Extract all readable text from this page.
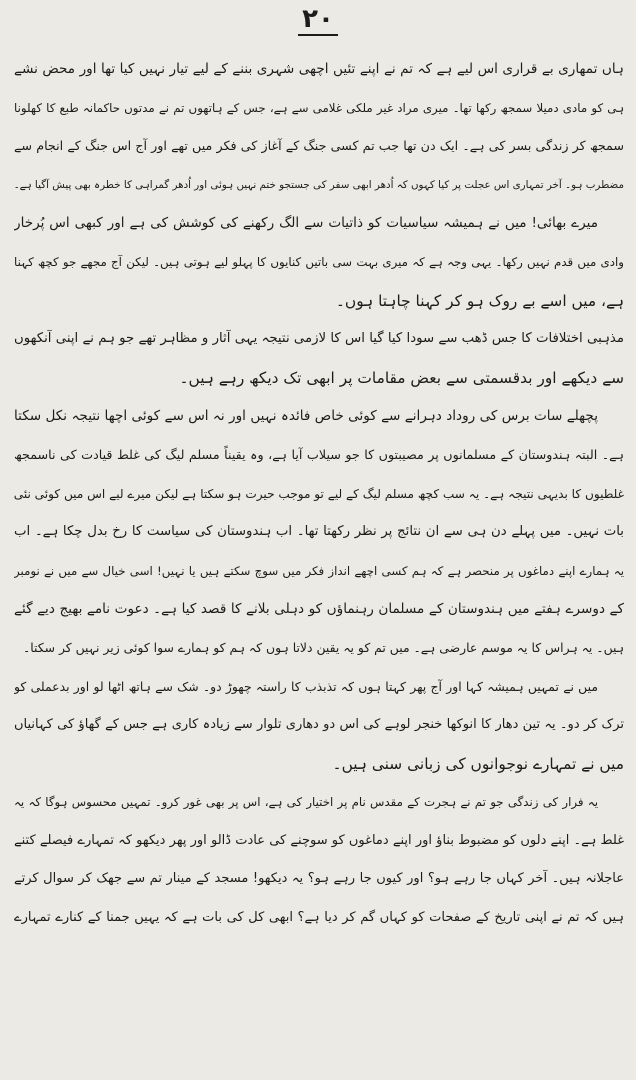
۲۰
ہاں تمھاری بے قراری اس لیے ہے کہ تم نے اپنے تئیں اچھی شہری بننے کے لیے تیار نہیں کیا تھا اور محض نشے
ہی کو مادی دمیلا سمجھ رکھا تھا۔ میری مراد غیر ملکی غلامی سے ہے، جس کے ہاتھوں تم نے مدتوں حاکمانہ طبع کا کھلونا
سمجھ کر زندگی بسر کی ہے۔ ایک دن تھا جب تم کسی جنگ کے آغاز کی فکر میں تھے اور آج اس جنگ کے انجام سے
مضطرب ہو۔ آخر تمہاری اس عجلت پر کیا کہوں کہ اُدھر ابھی سفر کی جستجو ختم نہیں ہوئی اور اُدھر گمراہی کا خطرہ بھی پیش آگیا ہے۔
میرے بھائی! میں نے ہمیشہ سیاسیات کو ذاتیات سے الگ رکھنے کی کوشش کی ہے اور کبھی اس پُرخار
وادی میں قدم نہیں رکھا۔ یہی وجہ ہے کہ میری بہت سی باتیں کنایوں کا پہلو لیے ہوتی ہیں۔ لیکن آج مجھے جو کچھ کہنا
ہے، میں اسے بے روک ہو کر کہنا چاہتا ہوں۔
مذہبی اختلافات کا جس ڈھب سے سودا کیا گیا اس کا لازمی نتیجہ یہی آثار و مظاہر تھے جو ہم نے اپنی آنکھوں
سے دیکھے اور بدقسمتی سے بعض مقامات پر ابھی تک دیکھ رہے ہیں۔
پچھلے سات برس کی روداد دہرانے سے کوئی خاص فائدہ نہیں اور نہ اس سے کوئی اچھا نتیجہ نکل سکتا
ہے۔ البتہ ہندوستان کے مسلمانوں پر مصیبتوں کا جو سیلاب آیا ہے، وہ یقیناً مسلم لیگ کی غلط قیادت کی ناسمجھ
غلطیوں کا بدیہی نتیجہ ہے۔ یہ سب کچھ مسلم لیگ کے لیے تو موجب حیرت ہو سکتا ہے لیکن میرے لیے اس میں کوئی نئی
بات نہیں۔ میں پہلے دن ہی سے ان نتائج پر نظر رکھتا تھا۔ اب ہندوستان کی سیاست کا رخ بدل چکا ہے۔ اب
یہ ہمارے اپنے دماغوں پر منحصر ہے کہ ہم کسی اچھے انداز فکر میں سوچ سکتے ہیں یا نہیں! اسی خیال سے میں نے نومبر
کے دوسرے ہفتے میں ہندوستان کے مسلمان رہنماؤں کو دہلی بلانے کا قصد کیا ہے۔ دعوت نامے بھیج دیے گئے
ہیں۔ یہ ہراس کا یہ موسم عارضی ہے۔ میں تم کو یہ یقین دلاتا ہوں کہ ہم کو ہمارے سوا کوئی زیر نہیں کر سکتا۔
میں نے تمہیں ہمیشہ کہا اور آج پھر کہتا ہوں کہ تذبذب کا راستہ چھوڑ دو۔ شک سے ہاتھ اٹھا لو اور بدعملی کو
ترک کر دو۔ یہ تین دھار کا انوکھا خنجر لوہے کی اس دو دھاری تلوار سے زیادہ کاری ہے جس کے گھاؤ کی کہانیاں
میں نے تمہارے نوجوانوں کی زبانی سنی ہیں۔
یہ فرار کی زندگی جو تم نے ہجرت کے مقدس نام پر اختیار کی ہے، اس پر بھی غور کرو۔ تمہیں محسوس ہوگا کہ یہ
غلط ہے۔ اپنے دلوں کو مضبوط بناؤ اور اپنے دماغوں کو سوچنے کی عادت ڈالو اور پھر دیکھو کہ تمہارے فیصلے کتنے
عاجلانہ ہیں۔ آخر کہاں جا رہے ہو؟ اور کیوں جا رہے ہو؟ یہ دیکھو! مسجد کے مینار تم سے جھک کر سوال کرتے
ہیں کہ تم نے اپنی تاریخ کے صفحات کو کہاں گم کر دیا ہے؟ ابھی کل کی بات ہے کہ یہیں جمنا کے کنارے تمہارے
